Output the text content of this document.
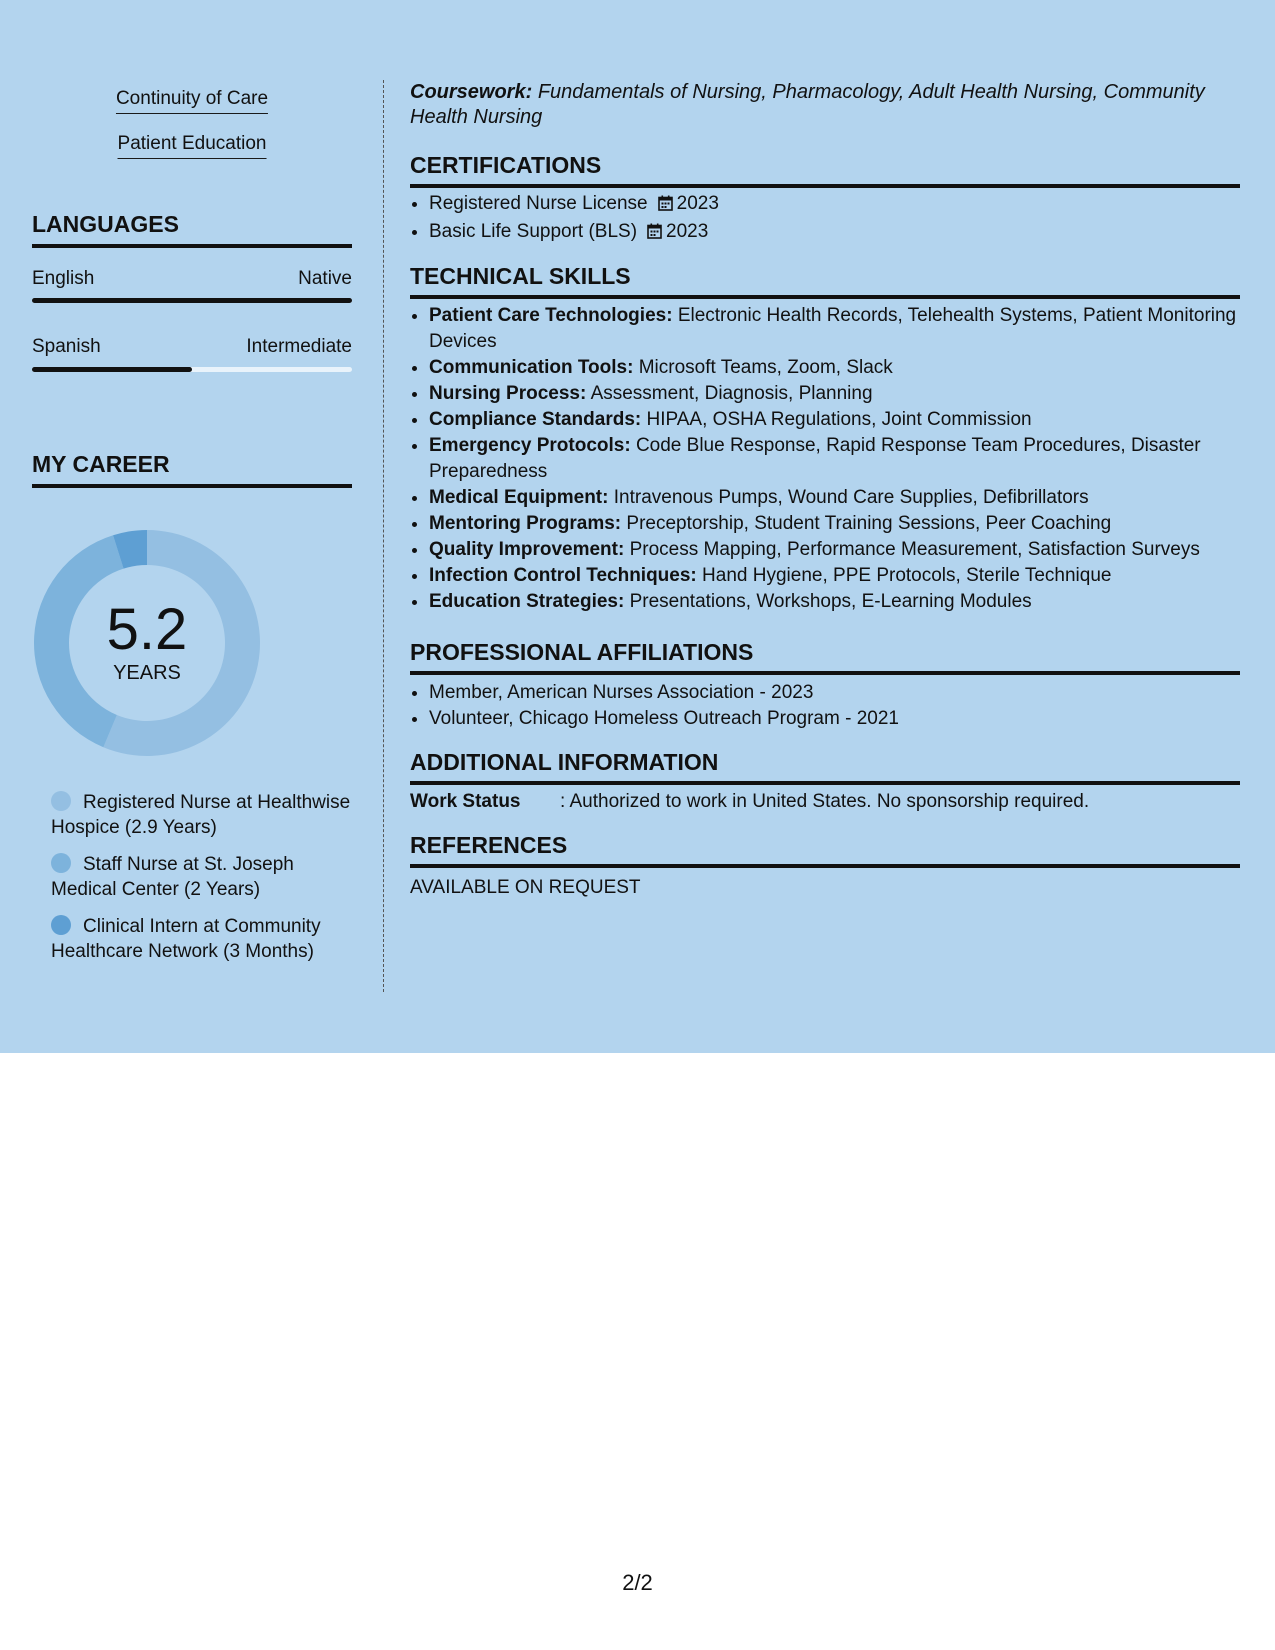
Continuity of Care
Patient Education
LANGUAGES
English	Native
Spanish	Intermediate
MY CAREER
5.2
YEARS
Registered Nurse at Healthwise Hospice (2.9 Years)
Staff Nurse at St. Joseph Medical Center (2 Years)
Clinical Intern at Community Healthcare Network (3 Months)
Coursework: Fundamentals of Nursing, Pharmacology, Adult Health Nursing, Community Health Nursing
CERTIFICATIONS
• Registered Nurse License 2023
• Basic Life Support (BLS) 2023
TECHNICAL SKILLS
• Patient Care Technologies: Electronic Health Records, Telehealth Systems, Patient Monitoring Devices
• Communication Tools: Microsoft Teams, Zoom, Slack
• Nursing Process: Assessment, Diagnosis, Planning
• Compliance Standards: HIPAA, OSHA Regulations, Joint Commission
• Emergency Protocols: Code Blue Response, Rapid Response Team Procedures, Disaster Preparedness
• Medical Equipment: Intravenous Pumps, Wound Care Supplies, Defibrillators
• Mentoring Programs: Preceptorship, Student Training Sessions, Peer Coaching
• Quality Improvement: Process Mapping, Performance Measurement, Satisfaction Surveys
• Infection Control Techniques: Hand Hygiene, PPE Protocols, Sterile Technique
• Education Strategies: Presentations, Workshops, E-Learning Modules
PROFESSIONAL AFFILIATIONS
• Member, American Nurses Association - 2023
• Volunteer, Chicago Homeless Outreach Program - 2021
ADDITIONAL INFORMATION
Work Status : Authorized to work in United States. No sponsorship required.
REFERENCES
AVAILABLE ON REQUEST
2/2
